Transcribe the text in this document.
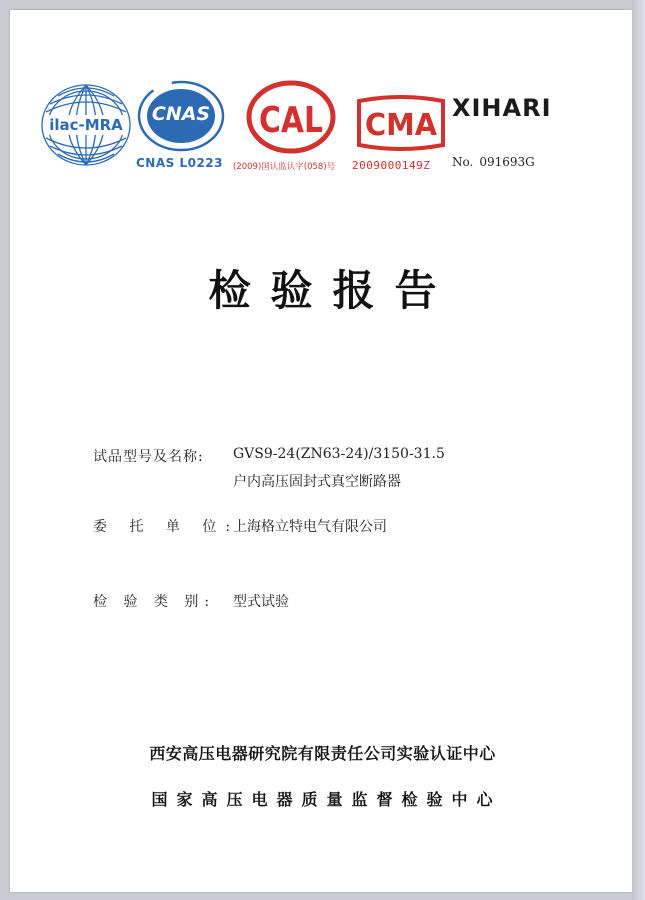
ilac-MRA CNAS
检测
CNAS L0223
CAL
(2009)国认监认字(058)号
CMA
2009000149Z
XIHARI
No. 091693G
检验报告
试品型号及名称: GVS9-24(ZN63-24)/3150-31.5
户内高压固封式真空断路器
委 托 单 位:
上海格立特电气有限公司
检 验 类 别: 型式试验
西安高压电器研究院有限责任公司实验认证中心
国家高压电器质量监督检验中心
